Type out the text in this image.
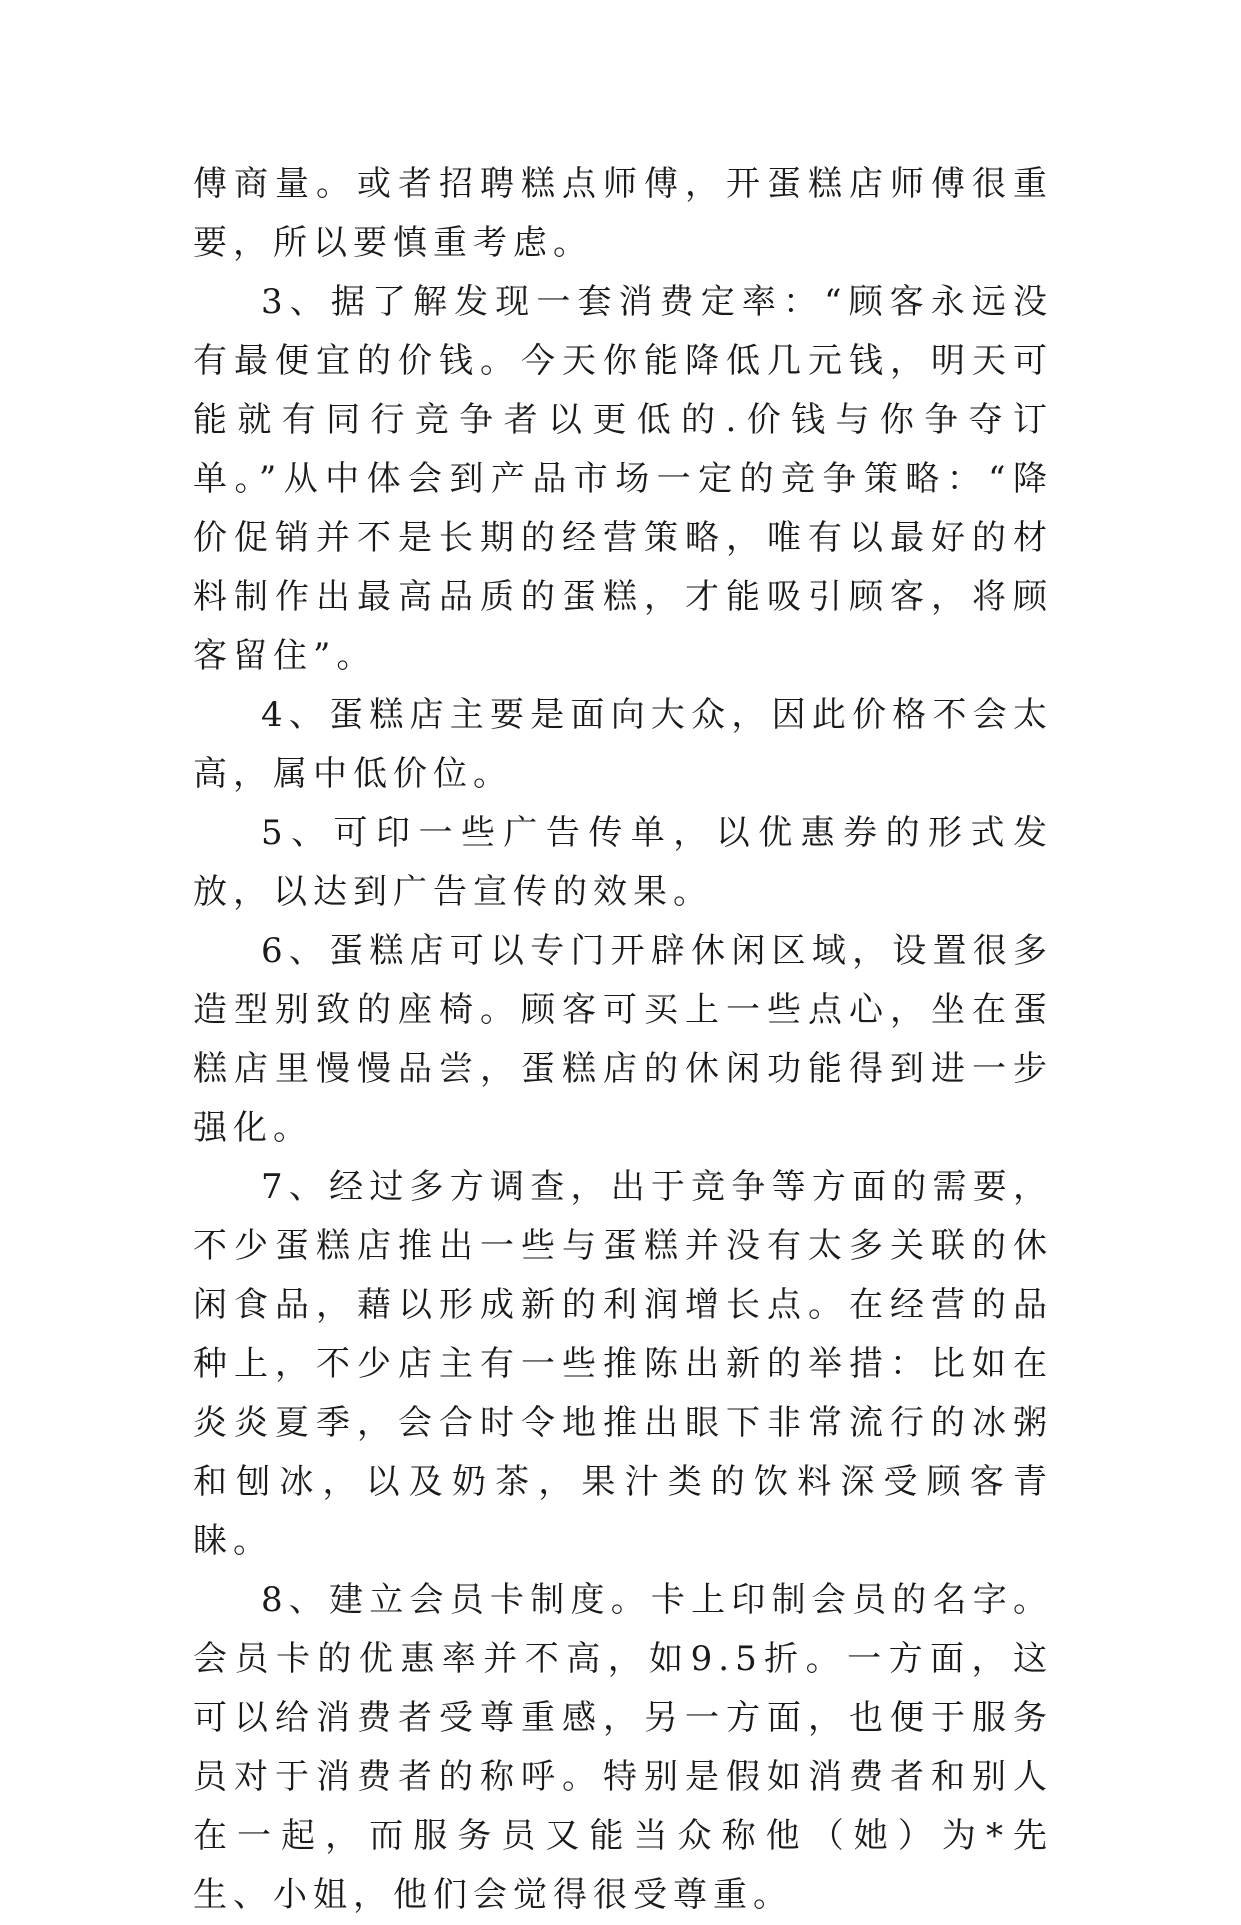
傅商量。或者招聘糕点师傅，开蛋糕店师傅很重要，所以要慎重考虑。

3、据了解发现一套消费定率：“顾客永远没有最便宜的价钱。今天你能降低几元钱，明天可能就有同行竞争者以更低的.价钱与你争夺订单。”从中体会到产品市场一定的竞争策略：“降价促销并不是长期的经营策略，唯有以最好的材料制作出最高品质的蛋糕，才能吸引顾客，将顾客留住”。

4、蛋糕店主要是面向大众，因此价格不会太高，属中低价位。

5、可印一些广告传单，以优惠券的形式发放，以达到广告宣传的效果。

6、蛋糕店可以专门开辟休闲区域，设置很多造型别致的座椅。顾客可买上一些点心，坐在蛋糕店里慢慢品尝，蛋糕店的休闲功能得到进一步强化。

7、经过多方调查，出于竞争等方面的需要，不少蛋糕店推出一些与蛋糕并没有太多关联的休闲食品，藉以形成新的利润增长点。在经营的品种上，不少店主有一些推陈出新的举措：比如在炎炎夏季，会合时令地推出眼下非常流行的冰粥和刨冰，以及奶茶，果汁类的饮料深受顾客青睐。

8、建立会员卡制度。卡上印制会员的名字。会员卡的优惠率并不高，如9.5折。一方面，这可以给消费者受尊重感，另一方面，也便于服务员对于消费者的称呼。特别是假如消费者和别人在一起，而服务员又能当众称他（她）为*先生、小姐，他们会觉得很受尊重。
